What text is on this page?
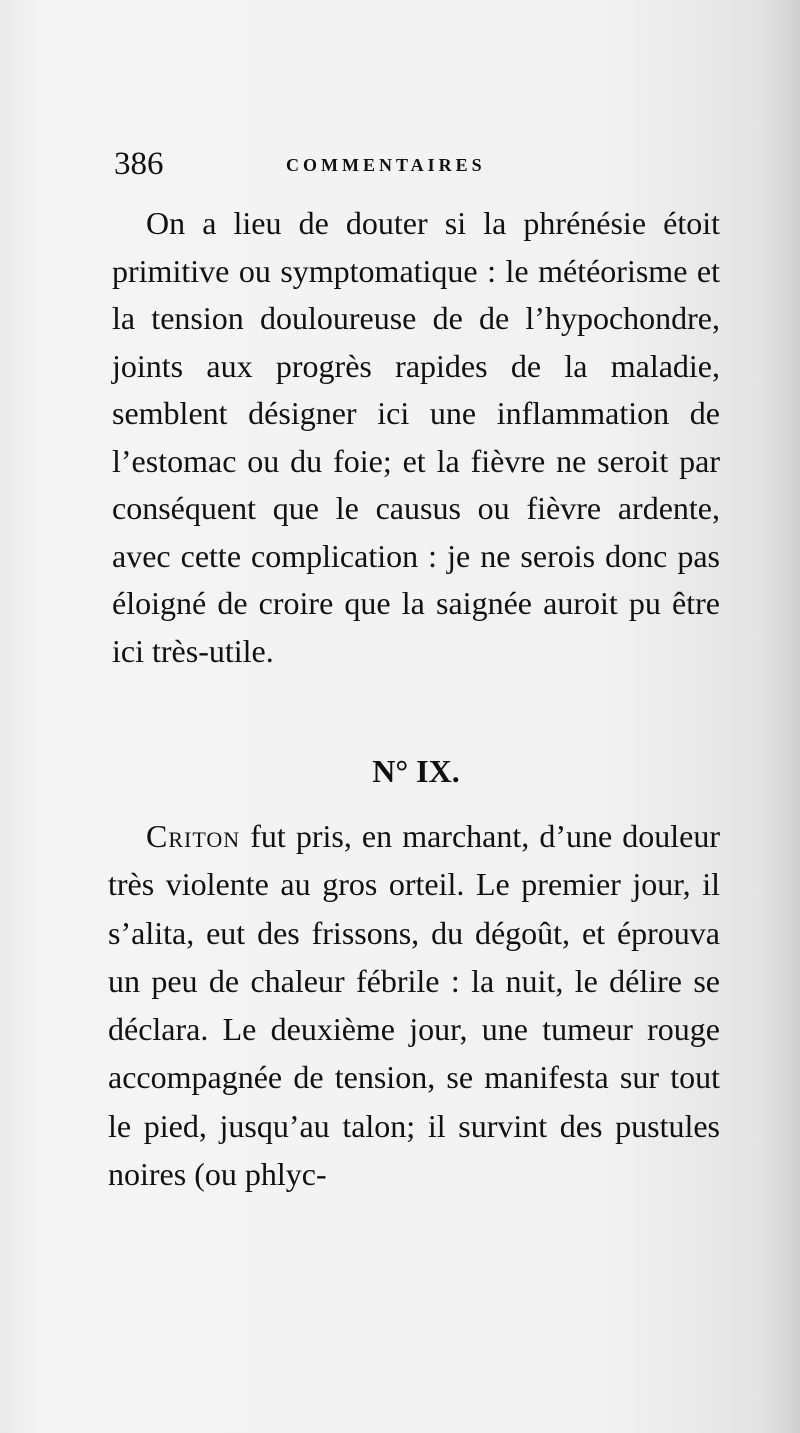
386	COMMENTAIRES

On a lieu de douter si la phrénésie étoit primitive ou symptomatique : le météorisme et la tension douloureuse de de l’hypochondre, joints aux progrès rapides de la maladie, semblent désigner ici une inflammation de l’estomac ou du foie; et la fièvre ne seroit par conséquent que le causus ou fièvre ardente, avec cette complication : je ne serois donc pas éloigné de croire que la saignée auroit pu être ici très-utile.

N° IX.

Criton fut pris, en marchant, d’une douleur très violente au gros orteil. Le premier jour, il s’alita, eut des frissons, du dégoût, et éprouva un peu de chaleur fébrile : la nuit, le délire se déclara. Le deuxième jour, une tumeur rouge accompagnée de tension, se manifesta sur tout le pied, jusqu’au talon; il survint des pustules noires (ou phlyc-
